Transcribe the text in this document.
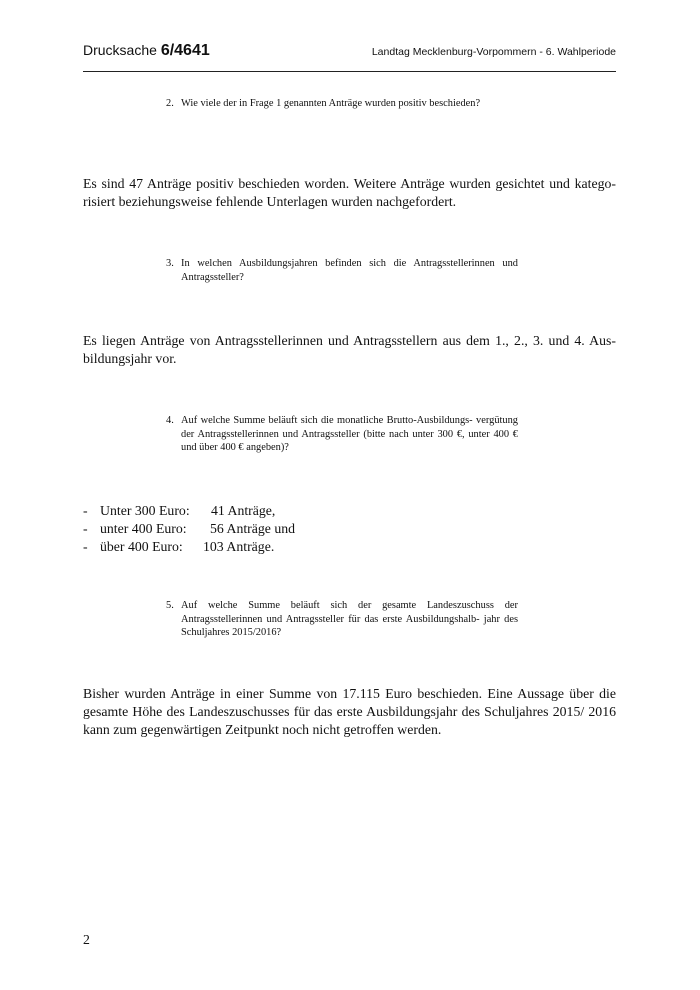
Drucksache 6/4641	Landtag Mecklenburg-Vorpommern - 6. Wahlperiode
2. Wie viele der in Frage 1 genannten Anträge wurden positiv beschieden?
Es sind 47 Anträge positiv beschieden worden. Weitere Anträge wurden gesichtet und katego- risiert beziehungsweise fehlende Unterlagen wurden nachgefordert.
3. In welchen Ausbildungsjahren befinden sich die Antragsstellerinnen und Antragssteller?
Es liegen Anträge von Antragsstellerinnen und Antragsstellern aus dem 1., 2., 3. und 4. Aus- bildungsjahr vor.
4. Auf welche Summe beläuft sich die monatliche Brutto-Ausbildungs- vergütung der Antragsstellerinnen und Antragssteller (bitte nach unter 300 €, unter 400 € und über 400 € angeben)?
- Unter 300 Euro: 41 Anträge,
- unter 400 Euro: 56 Anträge und
- über 400 Euro: 103 Anträge.
5. Auf welche Summe beläuft sich der gesamte Landeszuschuss der Antragsstellerinnen und Antragssteller für das erste Ausbildungshalb- jahr des Schuljahres 2015/2016?
Bisher wurden Anträge in einer Summe von 17.115 Euro beschieden. Eine Aussage über die gesamte Höhe des Landeszuschusses für das erste Ausbildungsjahr des Schuljahres 2015/ 2016 kann zum gegenwärtigen Zeitpunkt noch nicht getroffen werden.
2
